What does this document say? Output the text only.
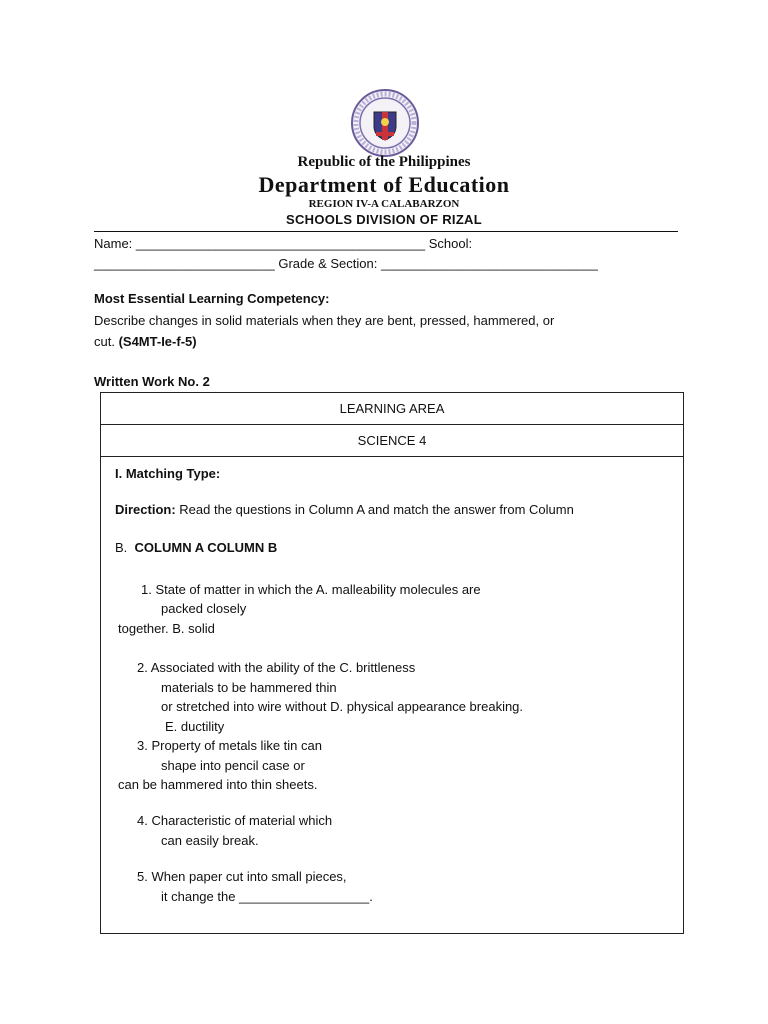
Republic of the Philippines
Department of Education
REGION IV-A CALABARZON
SCHOOLS DIVISION OF RIZAL
Name: ________________________________________ School:
_________________________ Grade & Section: ______________________________
Most Essential Learning Competency:
Describe changes in solid materials when they are bent, pressed, hammered, or
cut. (S4MT-Ie-f-5)
Written Work No. 2
LEARNING AREA
SCIENCE 4
I. Matching Type:
Direction: Read the questions in Column A and match the answer from Column
B. COLUMN A COLUMN B
1. State of matter in which the A. malleability molecules are
packed closely
together. B. solid
2. Associated with the ability of the C. brittleness
materials to be hammered thin
or stretched into wire without D. physical appearance breaking.
E. ductility
3. Property of metals like tin can
shape into pencil case or
can be hammered into thin sheets.
4. Characteristic of material which
can easily break.
5. When paper cut into small pieces,
it change the __________________.
